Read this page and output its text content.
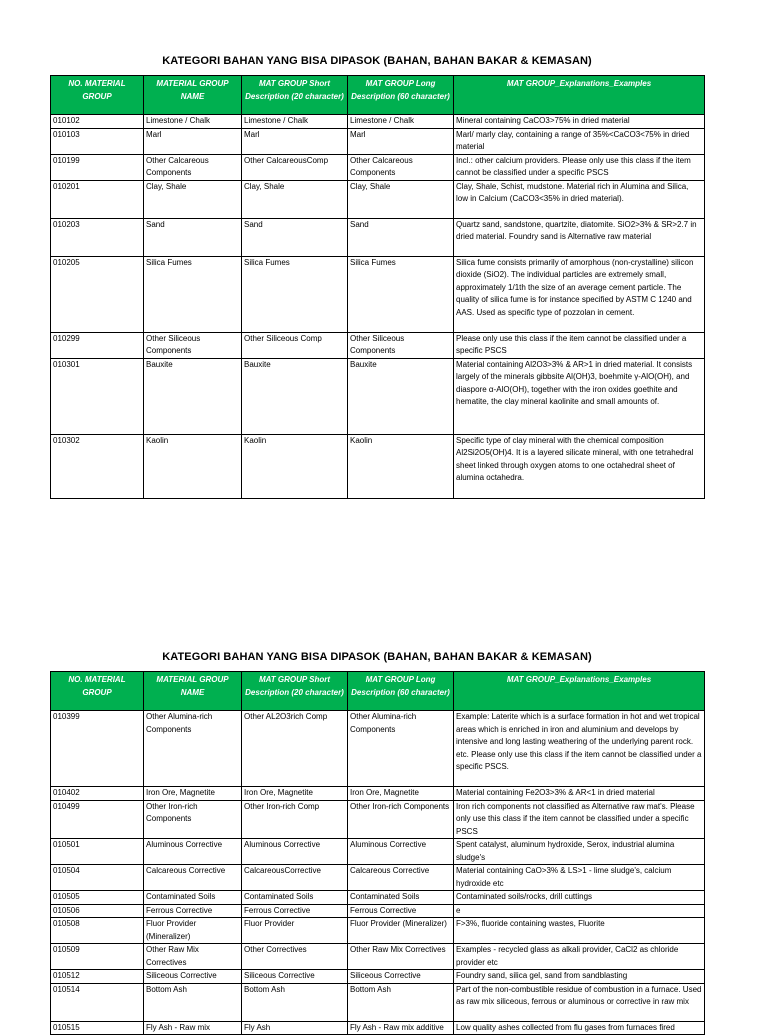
KATEGORI BAHAN YANG BISA DIPASOK (BAHAN, BAHAN BAKAR & KEMASAN)
NO. MATERIAL GROUP	MATERIAL GROUP NAME	MAT GROUP Short Description (20 character)	MAT GROUP Long Description (60 character)	MAT GROUP_Explanations_Examples
010102	Limestone / Chalk	Limestone / Chalk	Limestone / Chalk	Mineral containing CaCO3>75% in dried material
010103	Marl	Marl	Marl	Marl/ marly clay, containing a range of 35%<CaCO3<75% in dried material
010199	Other Calcareous Components	Other CalcareousComp	Other Calcareous Components	Incl.: other calcium providers. Please only use this class if the item cannot be classified under a specific PSCS
010201	Clay, Shale	Clay, Shale	Clay, Shale	Clay, Shale, Schist, mudstone. Material rich in Alumina and Silica, low in Calcium (CaCO3<35% in dried material).
010203	Sand	Sand	Sand	Quartz sand, sandstone, quartzite, diatomite. SiO2>3% & SR>2.7 in dried material. Foundry sand is Alternative raw material
010205	Silica Fumes	Silica Fumes	Silica Fumes	Silica fume consists primarily of amorphous (non-crystalline) silicon dioxide (SiO2). The individual particles are extremely small, approximately 1/1th the size of an average cement particle. The quality of silica fume is for instance specified by ASTM C 1240 and AAS. Used as specific type of pozzolan in cement.
010299	Other Siliceous Components	Other Siliceous Comp	Other Siliceous Components	Please only use this class if the item cannot be classified under a specific PSCS
010301	Bauxite	Bauxite	Bauxite	Material containing Al2O3>3% & AR>1 in dried material. It consists largely of the minerals gibbsite Al(OH)3, boehmite γ-AlO(OH), and diaspore α-AlO(OH), together with the iron oxides goethite and hematite, the clay mineral kaolinite and small amounts of.
010302	Kaolin	Kaolin	Kaolin	Specific type of clay mineral with the chemical composition Al2Si2O5(OH)4. It is a layered silicate mineral, with one tetrahedral sheet linked through oxygen atoms to one octahedral sheet of alumina octahedra.
KATEGORI BAHAN YANG BISA DIPASOK (BAHAN, BAHAN BAKAR & KEMASAN)
NO. MATERIAL GROUP	MATERIAL GROUP NAME	MAT GROUP Short Description (20 character)	MAT GROUP Long Description (60 character)	MAT GROUP_Explanations_Examples
010399	Other Alumina-rich Components	Other AL2O3rich Comp	Other Alumina-rich Components	Example: Laterite which is a surface formation in hot and wet tropical areas which is enriched in iron and aluminium and develops by intensive and long lasting weathering of the underlying parent rock. etc. Please only use this class if the item cannot be classified under a specific PSCS.
010402	Iron Ore, Magnetite	Iron Ore, Magnetite	Iron Ore, Magnetite	Material containing Fe2O3>3% & AR<1 in dried material
010499	Other Iron-rich Components	Other Iron-rich Comp	Other Iron-rich Components	Iron rich components not classified as Alternative raw mat's. Please only use this class if the item cannot be classified under a specific PSCS
010501	Aluminous Corrective	Aluminous Corrective	Aluminous Corrective	Spent catalyst, aluminum hydroxide, Serox, industrial alumina sludge's
010504	Calcareous Corrective	CalcareousCorrective	Calcareous Corrective	Material containing CaO>3% & LS>1 - lime sludge's, calcium hydroxide etc
010505	Contaminated Soils	Contaminated Soils	Contaminated Soils	Contaminated soils/rocks, drill cuttings
010506	Ferrous Corrective	Ferrous Corrective	Ferrous Corrective	e
010508	Fluor Provider (Mineralizer)	Fluor Provider	Fluor Provider (Mineralizer)	F>3%, fluoride containing wastes, Fluorite
010509	Other Raw Mix Correctives	Other Correctives	Other Raw Mix Correctives	Examples - recycled glass as alkali provider, CaCl2 as chloride provider etc
010512	Siliceous Corrective	Siliceous Corrective	Siliceous Corrective	Foundry sand, silica gel, sand from sandblasting
010514	Bottom Ash	Bottom Ash	Bottom Ash	Part of the non-combustible residue of combustion in a furnace. Used as raw mix siliceous, ferrous or aluminous or corrective in raw mix
010515	Fly Ash - Raw mix	Fly Ash	Fly Ash - Raw mix additive	Low quality ashes collected from flu gases from furnaces fired
